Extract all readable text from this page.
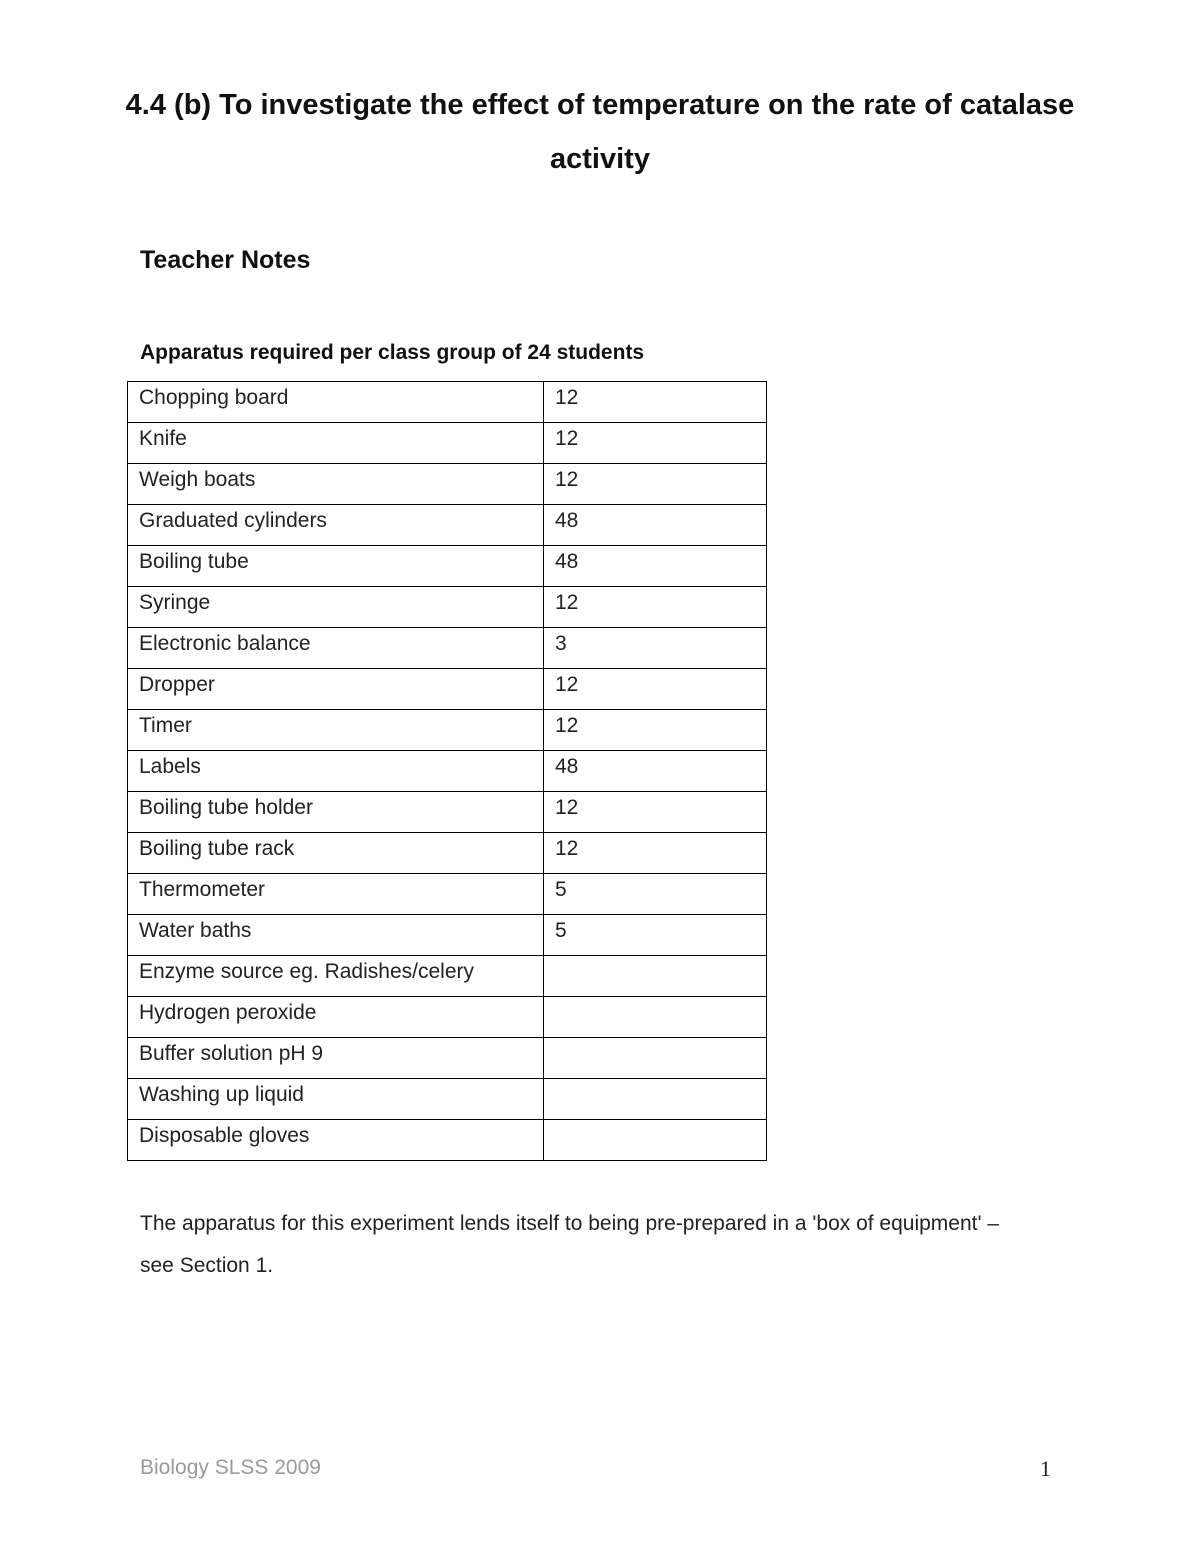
4.4 (b) To investigate the effect of temperature on the rate of catalase activity
Teacher Notes

Apparatus required per class group of 24 students

Chopping board	12
Knife	12
Weigh boats	12
Graduated cylinders	48
Boiling tube	48
Syringe	12
Electronic balance	3
Dropper	12
Timer	12
Labels	48
Boiling tube holder	12
Boiling tube rack	12
Thermometer	5
Water baths	5
Enzyme source eg. Radishes/celery	
Hydrogen peroxide	
Buffer solution pH 9	
Washing up liquid	
Disposable gloves	

The apparatus for this experiment lends itself to being pre-prepared in a 'box of equipment' – see Section 1.

Biology SLSS 2009	1
